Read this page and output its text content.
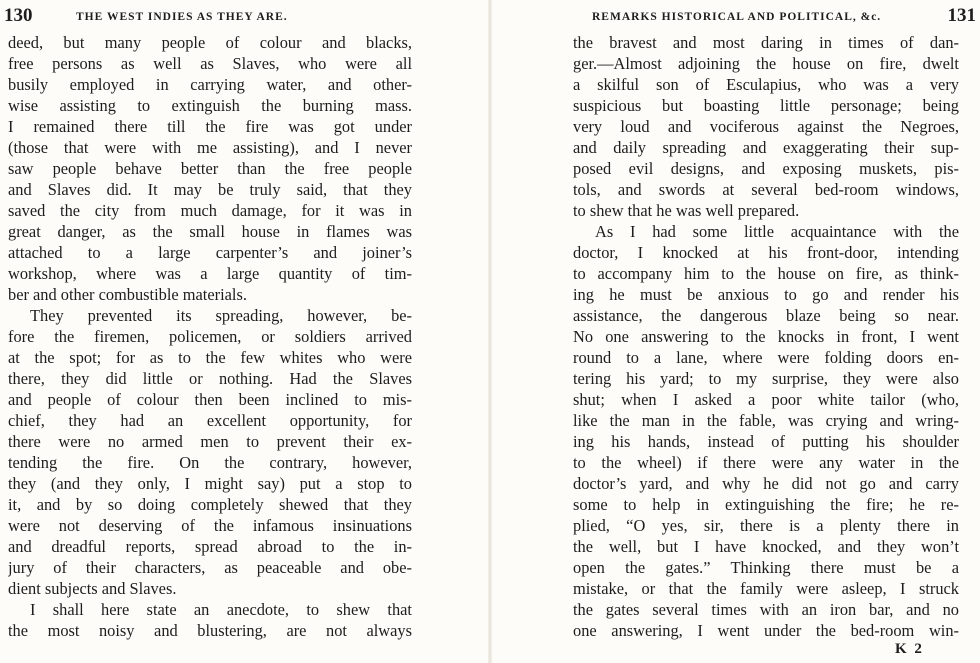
130	THE WEST INDIES AS THEY ARE.
deed, but many people of colour and blacks,
free persons as well as Slaves, who were all
busily employed in carrying water, and other-
wise assisting to extinguish the burning mass.
I remained there till the fire was got under
(those that were with me assisting), and I never
saw people behave better than the free people
and Slaves did. It may be truly said, that they
saved the city from much damage, for it was in
great danger, as the small house in flames was
attached to a large carpenter’s and joiner’s
workshop, where was a large quantity of tim-
ber and other combustible materials.
They prevented its spreading, however, be-
fore the firemen, policemen, or soldiers arrived
at the spot; for as to the few whites who were
there, they did little or nothing. Had the Slaves
and people of colour then been inclined to mis-
chief, they had an excellent opportunity, for
there were no armed men to prevent their ex-
tending the fire. On the contrary, however,
they (and they only, I might say) put a stop to
it, and by so doing completely shewed that they
were not deserving of the infamous insinuations
and dreadful reports, spread abroad to the in-
jury of their characters, as peaceable and obe-
dient subjects and Slaves.
I shall here state an anecdote, to shew that
the most noisy and blustering, are not always
REMARKS HISTORICAL AND POLITICAL, &c.	131
the bravest and most daring in times of dan-
ger.—Almost adjoining the house on fire, dwelt
a skilful son of Esculapius, who was a very
suspicious but boasting little personage; being
very loud and vociferous against the Negroes,
and daily spreading and exaggerating their sup-
posed evil designs, and exposing muskets, pis-
tols, and swords at several bed-room windows,
to shew that he was well prepared.
As I had some little acquaintance with the
doctor, I knocked at his front-door, intending
to accompany him to the house on fire, as think-
ing he must be anxious to go and render his
assistance, the dangerous blaze being so near.
No one answering to the knocks in front, I went
round to a lane, where were folding doors en-
tering his yard; to my surprise, they were also
shut; when I asked a poor white tailor (who,
like the man in the fable, was crying and wring-
ing his hands, instead of putting his shoulder
to the wheel) if there were any water in the
doctor’s yard, and why he did not go and carry
some to help in extinguishing the fire; he re-
plied, “O yes, sir, there is a plenty there in
the well, but I have knocked, and they won’t
open the gates.” Thinking there must be a
mistake, or that the family were asleep, I struck
the gates several times with an iron bar, and no
one answering, I went under the bed-room win-
K 2
